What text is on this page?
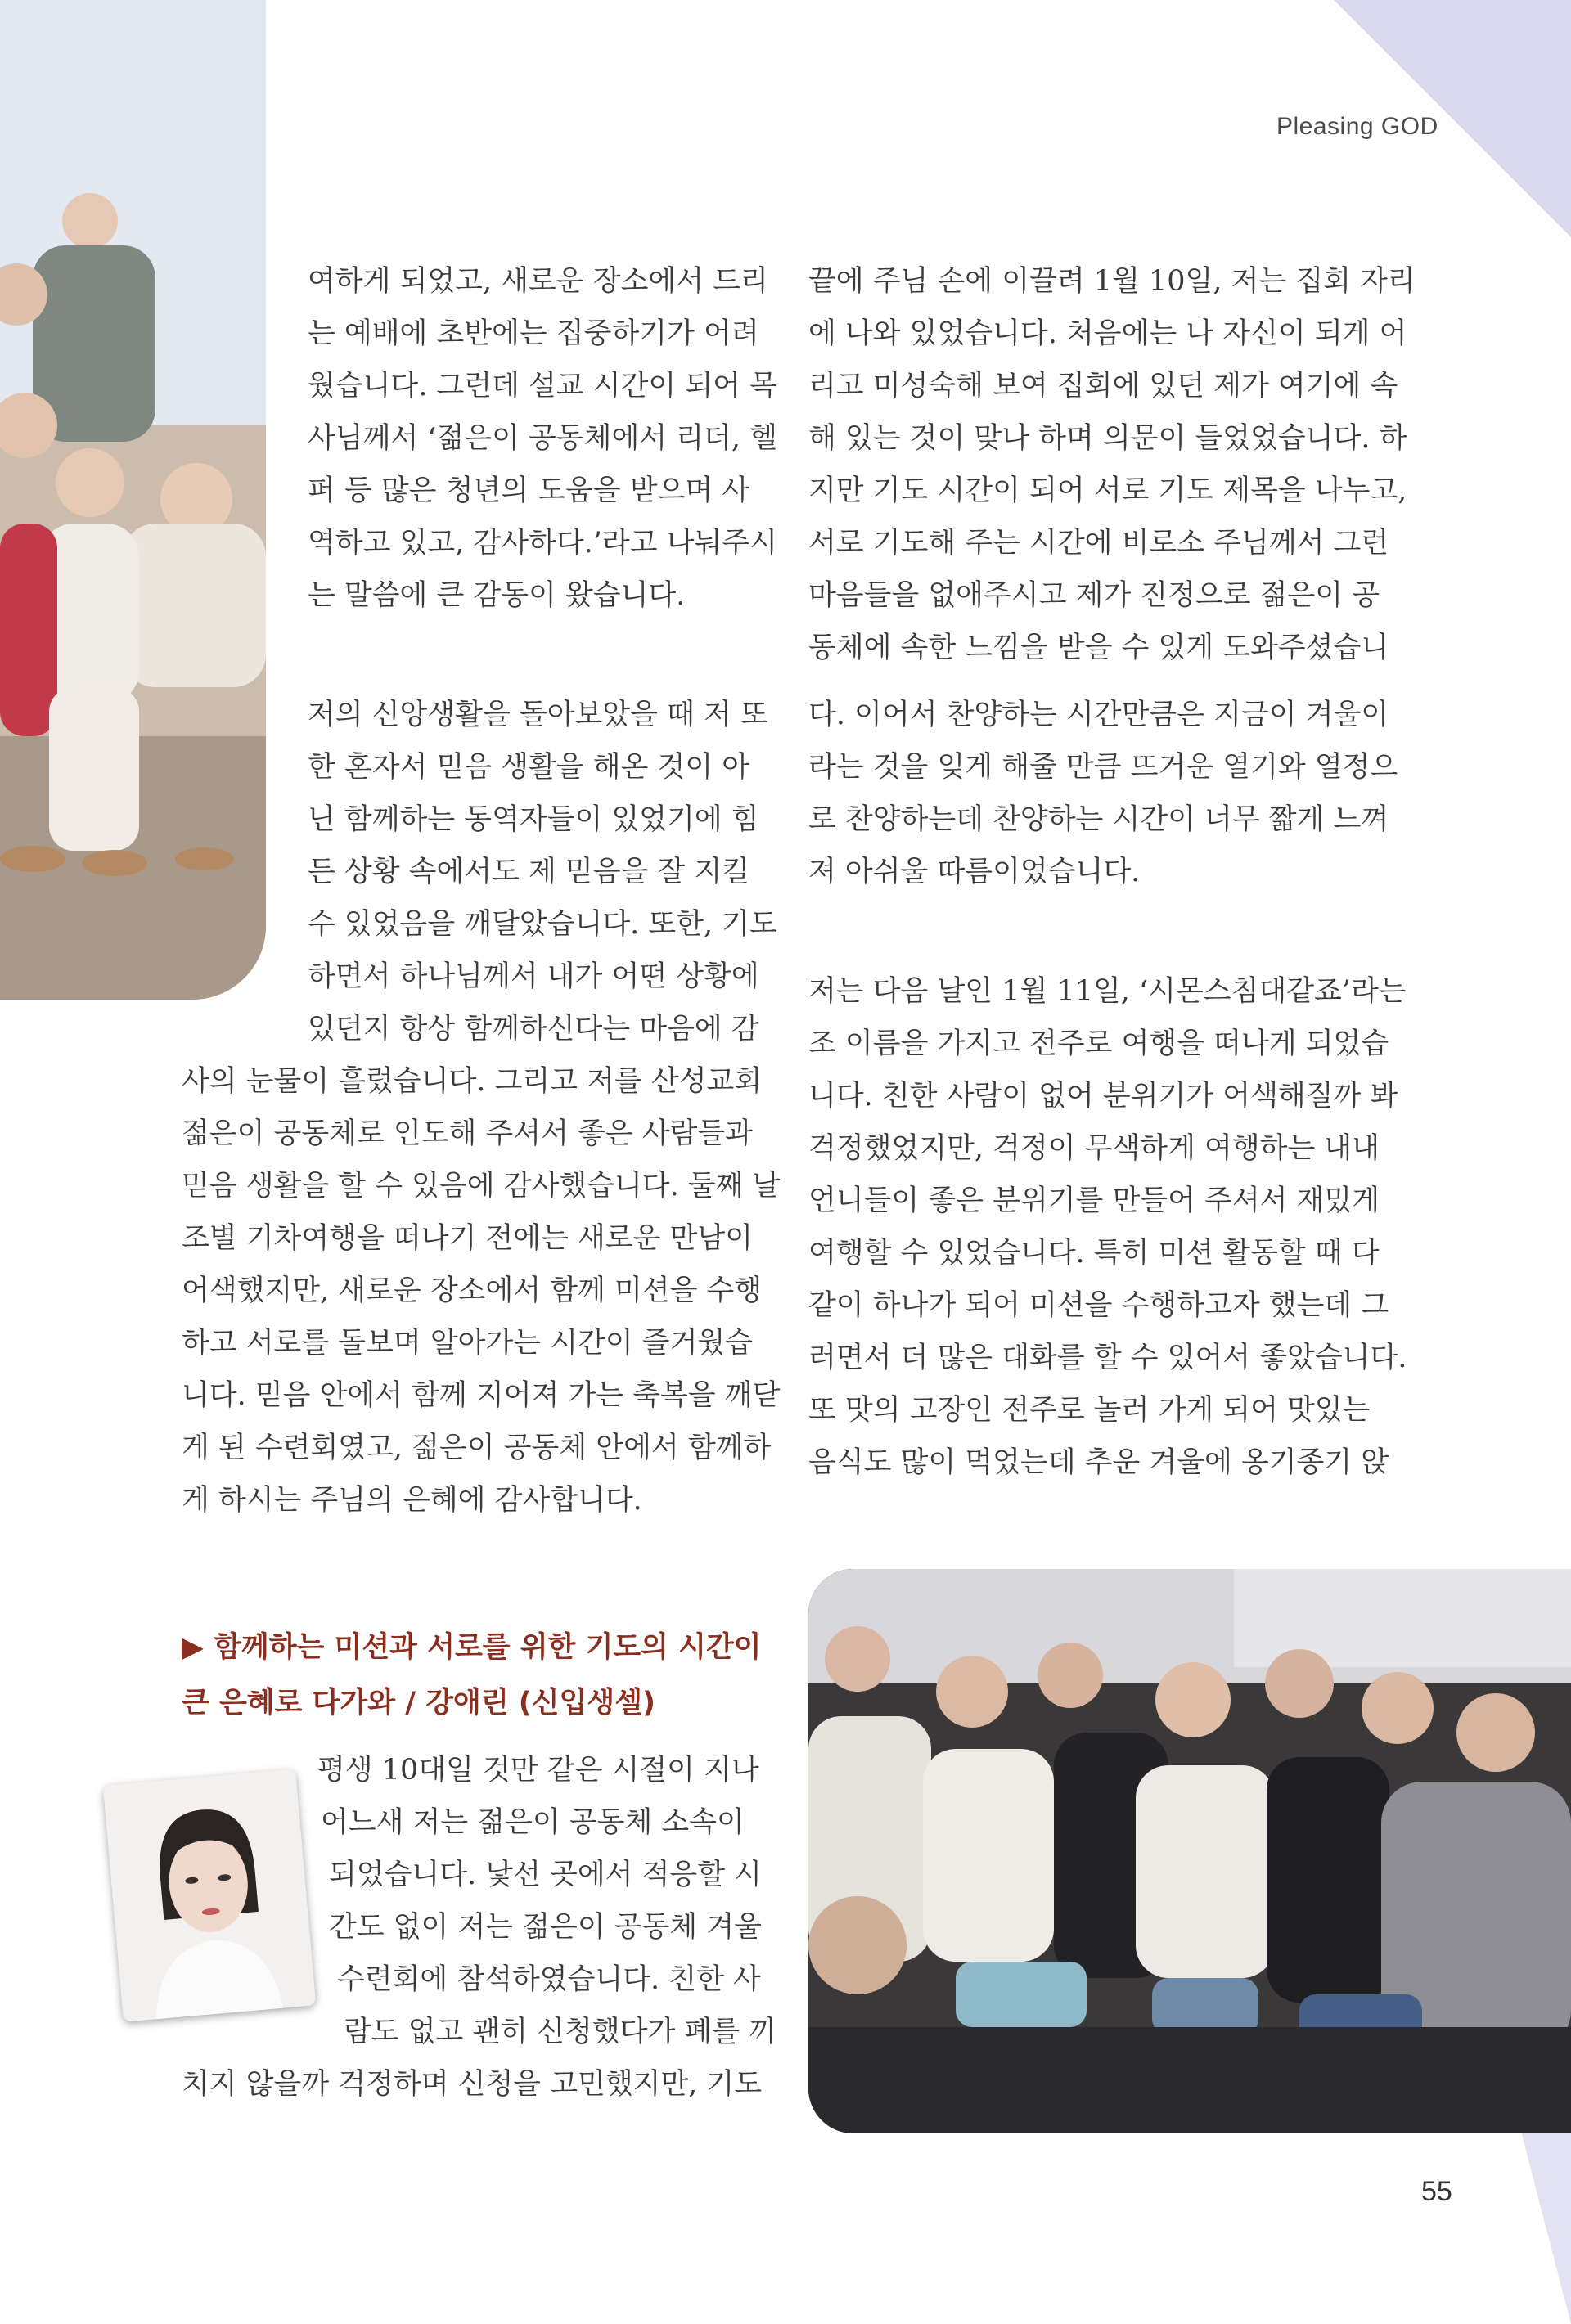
Pleasing GOD
여하게 되었고, 새로운 장소에서 드리
는 예배에 초반에는 집중하기가 어려
웠습니다. 그런데 설교 시간이 되어 목
사님께서 ‘젊은이 공동체에서 리더, 헬
퍼 등 많은 청년의 도움을 받으며 사
역하고 있고, 감사하다.’라고 나눠주시
는 말씀에 큰 감동이 왔습니다.
저의 신앙생활을 돌아보았을 때 저 또
한 혼자서 믿음 생활을 해온 것이 아
닌 함께하는 동역자들이 있었기에 힘
든 상황 속에서도 제 믿음을 잘 지킬
수 있었음을 깨달았습니다. 또한, 기도
하면서 하나님께서 내가 어떤 상황에
있던지 항상 함께하신다는 마음에 감
사의 눈물이 흘렀습니다. 그리고 저를 산성교회
젊은이 공동체로 인도해 주셔서 좋은 사람들과
믿음 생활을 할 수 있음에 감사했습니다. 둘째 날
조별 기차여행을 떠나기 전에는 새로운 만남이
어색했지만, 새로운 장소에서 함께 미션을 수행
하고 서로를 돌보며 알아가는 시간이 즐거웠습
니다. 믿음 안에서 함께 지어져 가는 축복을 깨닫
게 된 수련회였고, 젊은이 공동체 안에서 함께하
게 하시는 주님의 은혜에 감사합니다.
▶ 함께하는 미션과 서로를 위한 기도의 시간이
큰 은혜로 다가와 / 강애린 (신입생셀)
평생 10대일 것만 같은 시절이 지나
어느새 저는 젊은이 공동체 소속이
되었습니다. 낯선 곳에서 적응할 시
간도 없이 저는 젊은이 공동체 겨울
수련회에 참석하였습니다. 친한 사
람도 없고 괜히 신청했다가 폐를 끼
치지 않을까 걱정하며 신청을 고민했지만, 기도
끝에 주님 손에 이끌려 1월 10일, 저는 집회 자리
에 나와 있었습니다. 처음에는 나 자신이 되게 어
리고 미성숙해 보여 집회에 있던 제가 여기에 속
해 있는 것이 맞나 하며 의문이 들었었습니다. 하
지만 기도 시간이 되어 서로 기도 제목을 나누고,
서로 기도해 주는 시간에 비로소 주님께서 그런
마음들을 없애주시고 제가 진정으로 젊은이 공
동체에 속한 느낌을 받을 수 있게 도와주셨습니
다. 이어서 찬양하는 시간만큼은 지금이 겨울이
라는 것을 잊게 해줄 만큼 뜨거운 열기와 열정으
로 찬양하는데 찬양하는 시간이 너무 짧게 느껴
져 아쉬울 따름이었습니다.
저는 다음 날인 1월 11일, ‘시몬스침대같죠’라는
조 이름을 가지고 전주로 여행을 떠나게 되었습
니다. 친한 사람이 없어 분위기가 어색해질까 봐
걱정했었지만, 걱정이 무색하게 여행하는 내내
언니들이 좋은 분위기를 만들어 주셔서 재밌게
여행할 수 있었습니다. 특히 미션 활동할 때 다
같이 하나가 되어 미션을 수행하고자 했는데 그
러면서 더 많은 대화를 할 수 있어서 좋았습니다.
또 맛의 고장인 전주로 놀러 가게 되어 맛있는
음식도 많이 먹었는데 추운 겨울에 옹기종기 앉
55
